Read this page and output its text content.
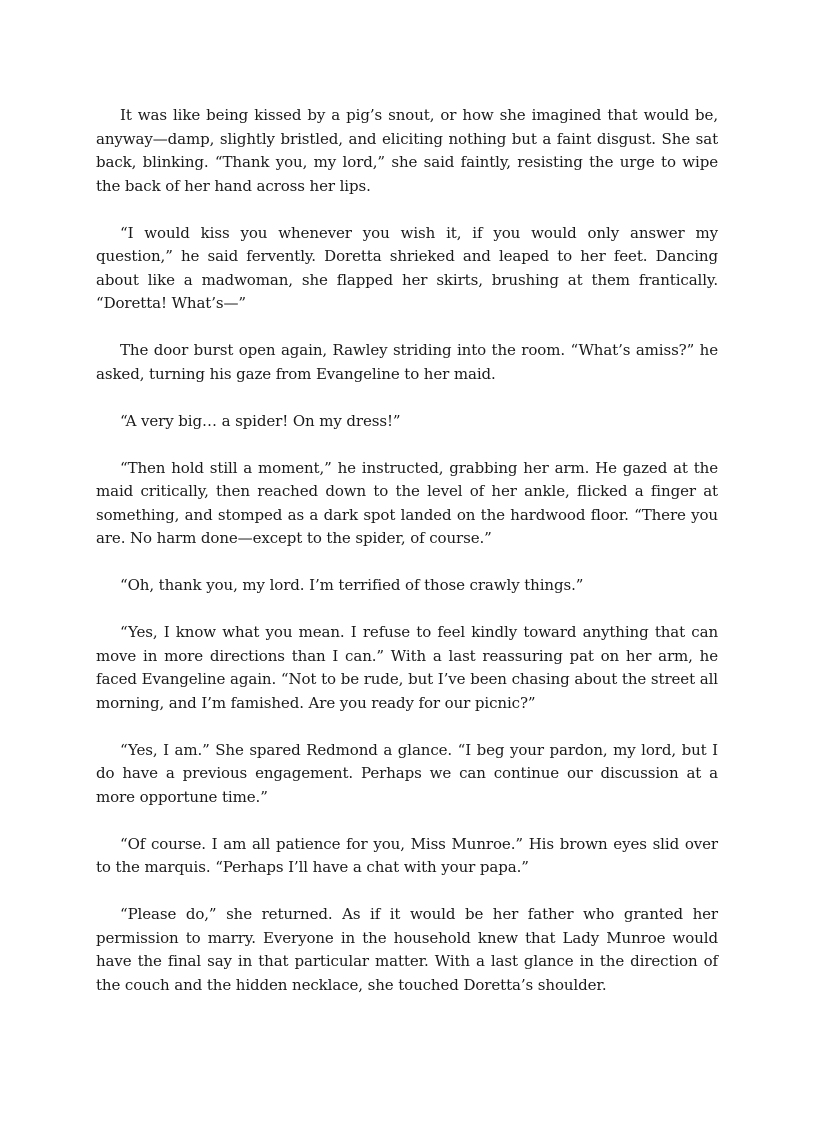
It was like being kissed by a pig’s snout, or how she imagined that would be, anyway—damp, slightly bristled, and eliciting nothing but a faint disgust. She sat back, blinking. “Thank you, my lord,” she said faintly, resisting the urge to wipe the back of her hand across her lips.

“I would kiss you whenever you wish it, if you would only answer my question,” he said fervently. Doretta shrieked and leaped to her feet. Dancing about like a madwoman, she flapped her skirts, brushing at them frantically. “Doretta! What’s—”

The door burst open again, Rawley striding into the room. “What’s amiss?” he asked, turning his gaze from Evangeline to her maid.

“A very big… a spider! On my dress!”

“Then hold still a moment,” he instructed, grabbing her arm. He gazed at the maid critically, then reached down to the level of her ankle, flicked a finger at something, and stomped as a dark spot landed on the hardwood floor. “There you are. No harm done—except to the spider, of course.”

“Oh, thank you, my lord. I’m terrified of those crawly things.”

“Yes, I know what you mean. I refuse to feel kindly toward anything that can move in more directions than I can.” With a last reassuring pat on her arm, he faced Evangeline again. “Not to be rude, but I’ve been chasing about the street all morning, and I’m famished. Are you ready for our picnic?”

“Yes, I am.” She spared Redmond a glance. “I beg your pardon, my lord, but I do have a previous engagement. Perhaps we can continue our discussion at a more opportune time.”

“Of course. I am all patience for you, Miss Munroe.” His brown eyes slid over to the marquis. “Perhaps I’ll have a chat with your papa.”

“Please do,” she returned. As if it would be her father who granted her permission to marry. Everyone in the household knew that Lady Munroe would have the final say in that particular matter. With a last glance in the direction of the couch and the hidden necklace, she touched Doretta’s shoulder.
